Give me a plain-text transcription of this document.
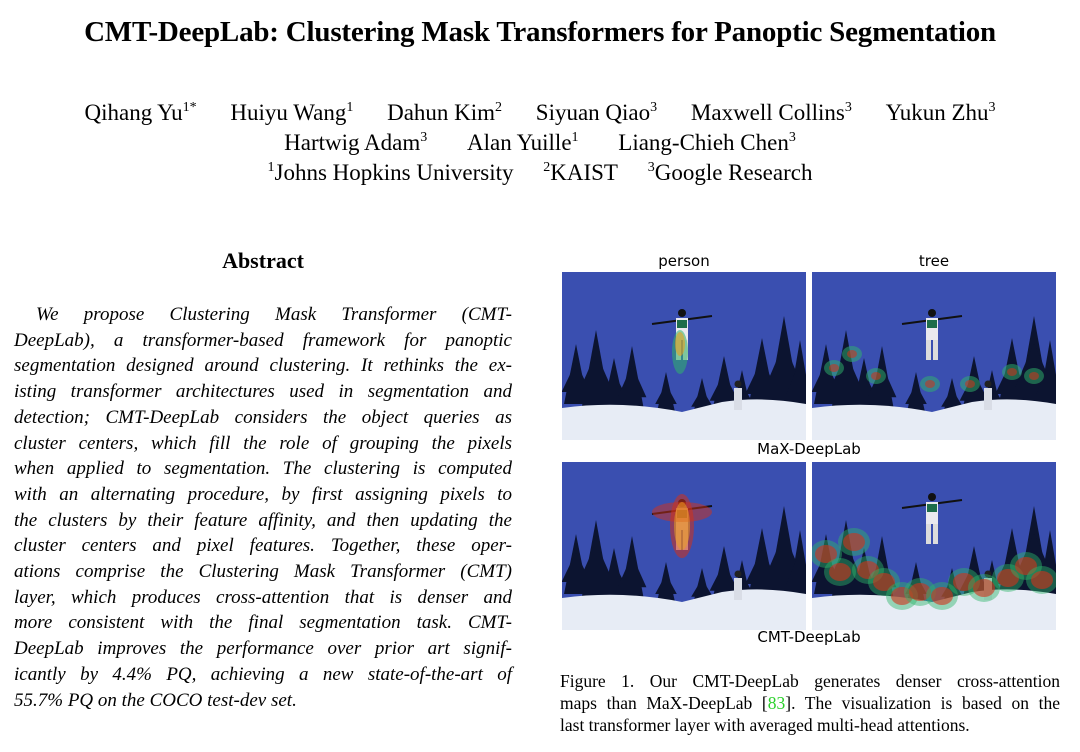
CMT-DeepLab: Clustering Mask Transformers for Panoptic Segmentation
Qihang $Yu^{1*}$ Huiyu Wang$^1$ Dahun Kim$^2$ Siyuan Qiao$^3$ Maxwell Collins$^3$ Yukun Zhu$^3$
Hartwig Adam$^3$ Alan Yuille$^1$ Liang-Chieh Chen$^3$
$^1$Johns Hopkins University $^2$KAIST $^3$Google Research
Abstract
We propose Clustering Mask Transformer (CMT-
DeepLab), a transformer-based framework for panoptic
segmentation designed around clustering. It rethinks the ex-
isting transformer architectures used in segmentation and
detection; CMT-DeepLab considers the object queries as
cluster centers, which fill the role of grouping the pixels
when applied to segmentation. The clustering is computed
with an alternating procedure, by first assigning pixels to
the clusters by their feature affinity, and then updating the
cluster centers and pixel features. Together, these oper-
ations comprise the Clustering Mask Transformer (CMT)
layer, which produces cross-attention that is denser and
more consistent with the final segmentation task. CMT-
DeepLab improves the performance over prior art signif-
icantly by 4.4% PQ, achieving a new state-of-the-art of
55.7% PQ on the COCO test-dev set.
person	tree
MaX-DeepLab
CMT-DeepLab
Figure 1. Our CMT-DeepLab generates denser cross-attention
maps than MaX-DeepLab [83]. The visualization is based on the
last transformer layer with averaged multi-head attentions.
